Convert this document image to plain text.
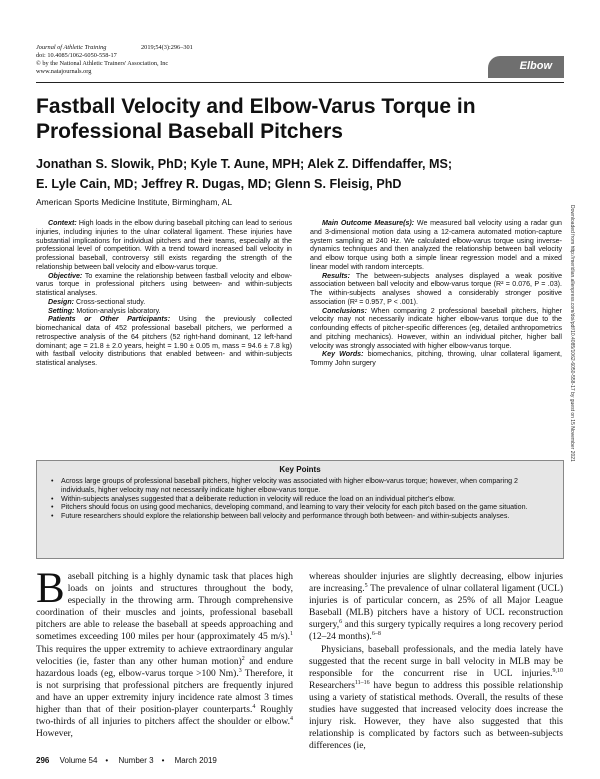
Journal of Athletic Training	2019;54(3):296–301
doi: 10.4085/1062-6050-558-17
© by the National Athletic Trainers' Association, Inc
www.natajournals.org	Elbow
Fastball Velocity and Elbow-Varus Torque in
Professional Baseball Pitchers
Jonathan S. Slowik, PhD; Kyle T. Aune, MPH; Alek Z. Diffendaffer, MS;
E. Lyle Cain, MD; Jeffrey R. Dugas, MD; Glenn S. Fleisig, PhD
American Sports Medicine Institute, Birmingham, AL

Context: High loads in the elbow during baseball pitching can lead to serious injuries, including injuries to the ulnar collateral ligament. These injuries have substantial implications for individual pitchers and their teams, especially at the professional level of competition. With a trend toward increased ball velocity in professional baseball, controversy still exists regarding the strength of the relationship between ball velocity and elbow-varus torque.

Objective: To examine the relationship between fastball velocity and elbow-varus torque in professional pitchers using between- and within-subjects statistical analyses.

Design: Cross-sectional study.

Setting: Motion-analysis laboratory.

Patients or Other Participants: Using the previously collected biomechanical data of 452 professional baseball pitchers, we performed a retrospective analysis of the 64 pitchers (52 right-hand dominant, 12 left-hand dominant; age = 21.8 ± 2.0 years, height = 1.90 ± 0.05 m, mass = 94.6 ± 7.8 kg) with fastball velocity distributions that enabled between- and within-subjects statistical analyses.

Main Outcome Measure(s): We measured ball velocity using a radar gun and 3-dimensional motion data using a 12-camera automated motion-capture system sampling at 240 Hz. We calculated elbow-varus torque using inverse-dynamics techniques and then analyzed the relationship between ball velocity and elbow torque using both a simple linear regression model and a mixed linear model with random intercepts.

Results: The between-subjects analyses displayed a weak positive association between ball velocity and elbow-varus torque (R² = 0.076, P = .03). The within-subjects analyses showed a considerably stronger positive association (R² = 0.957, P < .001).

Conclusions: When comparing 2 professional baseball pitchers, higher velocity may not necessarily indicate higher elbow-varus torque due to the confounding effects of pitcher-specific differences (eg, detailed anthropometrics and pitching mechanics). However, within an individual pitcher, higher ball velocity was strongly associated with higher elbow-varus torque.

Key Words: biomechanics, pitching, throwing, ulnar collateral ligament, Tommy John surgery	Downloaded from http://meridian.allenpress.com/doi/pdf/10.4085/1062-6050-558-17 by guest on 15 November 2021
Key Points
• Across large groups of professional baseball pitchers, higher velocity was associated with higher elbow-varus torque; however, when comparing 2 individuals, higher velocity may not necessarily indicate higher elbow-varus torque.
• Within-subjects analyses suggested that a deliberate reduction in velocity will reduce the load on an individual pitcher's elbow.
• Pitchers should focus on using good mechanics, developing command, and learning to vary their velocity for each pitch based on the game situation.
• Future researchers should explore the relationship between ball velocity and performance through both between- and within-subjects analyses.

Baseball pitching is a highly dynamic task that places high loads on joints and structures throughout the body, especially in the throwing arm. Through comprehensive coordination of their muscles and joints, professional baseball pitchers are able to release the baseball at speeds approaching and sometimes exceeding 100 miles per hour (approximately 45 m/s).$^1$ This requires the upper extremity to achieve extraordinary angular velocities (ie, faster than any other human motion)$^2$ and endure hazardous loads (eg, elbow-varus torque >100 Nm).$^3$ Therefore, it is not surprising that professional pitchers are frequently injured and have an upper extremity injury incidence rate almost 3 times higher than that of their position-player counterparts.$^4$ Roughly two-thirds of all injuries to pitchers affect the shoulder or elbow.$^4$ However,

whereas shoulder injuries are slightly decreasing, elbow injuries are increasing.$^5$ The prevalence of ulnar collateral ligament (UCL) injuries is of particular concern, as 25% of all Major League Baseball (MLB) pitchers have a history of UCL reconstruction surgery,$^6$ and this surgery typically requires a long recovery period (12–24 months).$^{6-8}$

Physicians, baseball professionals, and the media lately have suggested that the recent surge in ball velocity in MLB may be responsible for the concurrent rise in UCL injuries.$^{9,10}$ Researchers$^{11-16}$ have begun to address this possible relationship using a variety of statistical methods. Overall, the results of these studies have suggested that increased velocity does increase the injury risk. However, they have also suggested that this relationship is complicated by factors such as between-subjects differences (ie,

296 Volume 54 • Number 3 • March 2019
